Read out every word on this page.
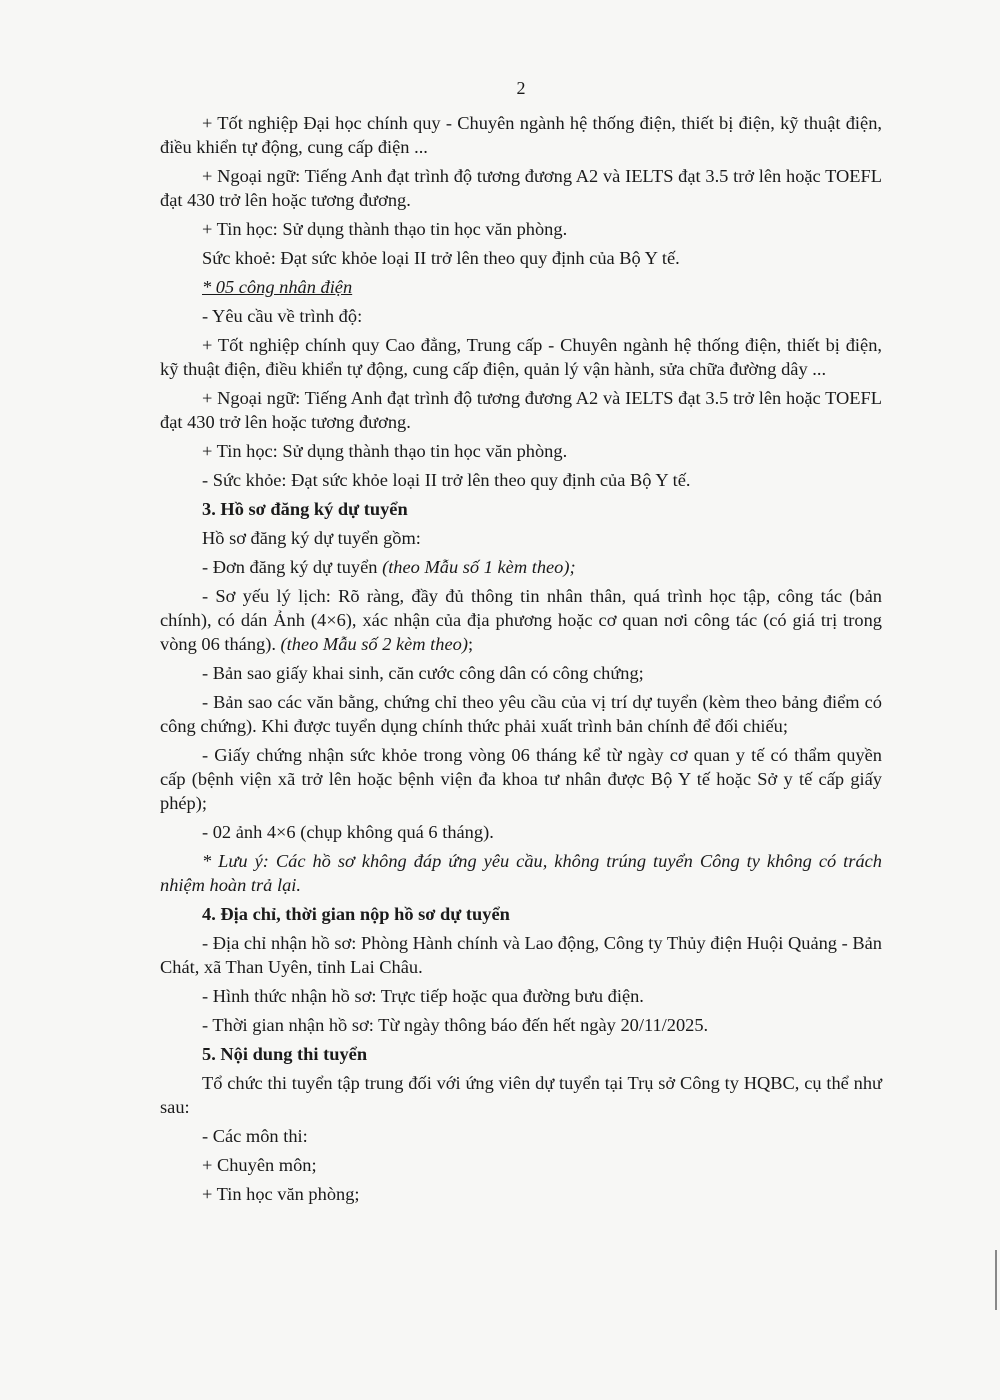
2

+ Tốt nghiệp Đại học chính quy - Chuyên ngành hệ thống điện, thiết bị điện, kỹ thuật điện, điều khiển tự động, cung cấp điện ...

+ Ngoại ngữ: Tiếng Anh đạt trình độ tương đương A2 và IELTS đạt 3.5 trở lên hoặc TOEFL đạt 430 trở lên hoặc tương đương.

+ Tin học: Sử dụng thành thạo tin học văn phòng.

Sức khoẻ: Đạt sức khỏe loại II trở lên theo quy định của Bộ Y tế.

* 05 công nhân điện

- Yêu cầu về trình độ:

+ Tốt nghiệp chính quy Cao đẳng, Trung cấp - Chuyên ngành hệ thống điện, thiết bị điện, kỹ thuật điện, điều khiển tự động, cung cấp điện, quản lý vận hành, sửa chữa đường dây ...

+ Ngoại ngữ: Tiếng Anh đạt trình độ tương đương A2 và IELTS đạt 3.5 trở lên hoặc TOEFL đạt 430 trở lên hoặc tương đương.

+ Tin học: Sử dụng thành thạo tin học văn phòng.

- Sức khỏe: Đạt sức khỏe loại II trở lên theo quy định của Bộ Y tế.

3. Hồ sơ đăng ký dự tuyển

Hồ sơ đăng ký dự tuyển gồm:

- Đơn đăng ký dự tuyển (theo Mẫu số 1 kèm theo);

- Sơ yếu lý lịch: Rõ ràng, đầy đủ thông tin nhân thân, quá trình học tập, công tác (bản chính), có dán Ảnh (4×6), xác nhận của địa phương hoặc cơ quan nơi công tác (có giá trị trong vòng 06 tháng). (theo Mẫu số 2 kèm theo);

- Bản sao giấy khai sinh, căn cước công dân có công chứng;

- Bản sao các văn bằng, chứng chỉ theo yêu cầu của vị trí dự tuyển (kèm theo bảng điểm có công chứng). Khi được tuyển dụng chính thức phải xuất trình bản chính để đối chiếu;

- Giấy chứng nhận sức khỏe trong vòng 06 tháng kể từ ngày cơ quan y tế có thẩm quyền cấp (bệnh viện xã trở lên hoặc bệnh viện đa khoa tư nhân được Bộ Y tế hoặc Sở y tế cấp giấy phép);

- 02 ảnh 4×6 (chụp không quá 6 tháng).

* Lưu ý: Các hồ sơ không đáp ứng yêu cầu, không trúng tuyển Công ty không có trách nhiệm hoàn trả lại.

4. Địa chỉ, thời gian nộp hồ sơ dự tuyển

- Địa chỉ nhận hồ sơ: Phòng Hành chính và Lao động, Công ty Thủy điện Huội Quảng - Bản Chát, xã Than Uyên, tỉnh Lai Châu.

- Hình thức nhận hồ sơ: Trực tiếp hoặc qua đường bưu điện.

- Thời gian nhận hồ sơ: Từ ngày thông báo đến hết ngày 20/11/2025.

5. Nội dung thi tuyển

Tổ chức thi tuyển tập trung đối với ứng viên dự tuyển tại Trụ sở Công ty HQBC, cụ thể như sau:

- Các môn thi:

+ Chuyên môn;

+ Tin học văn phòng;
